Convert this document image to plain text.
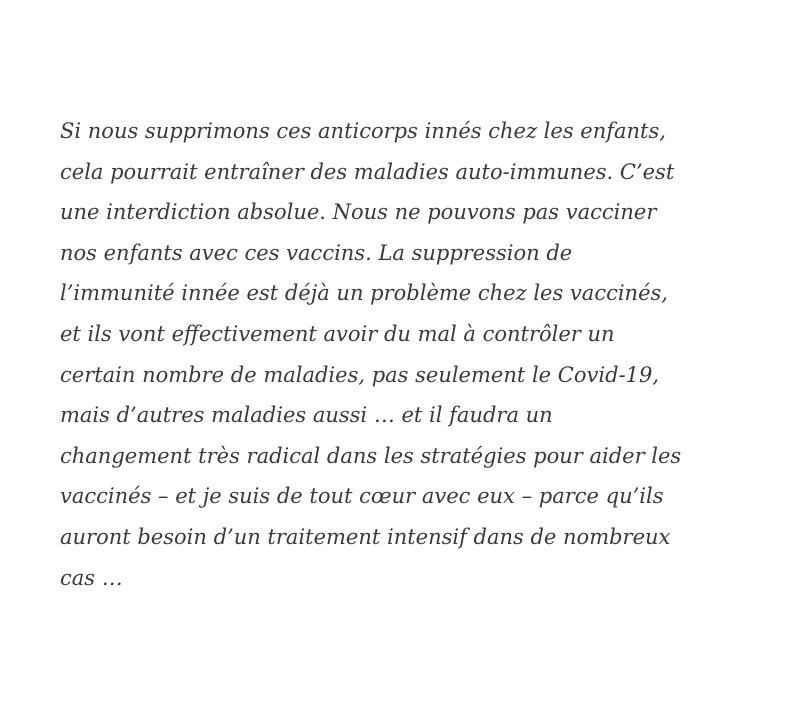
Si nous supprimons ces anticorps innés chez les enfants,
cela pourrait entraîner des maladies auto-immunes. C’est
une interdiction absolue. Nous ne pouvons pas vacciner
nos enfants avec ces vaccins. La suppression de
l’immunité innée est déjà un problème chez les vaccinés,
et ils vont effectivement avoir du mal à contrôler un
certain nombre de maladies, pas seulement le Covid-19,
mais d’autres maladies aussi … et il faudra un
changement très radical dans les stratégies pour aider les
vaccinés – et je suis de tout cœur avec eux – parce qu’ils
auront besoin d’un traitement intensif dans de nombreux
cas …
